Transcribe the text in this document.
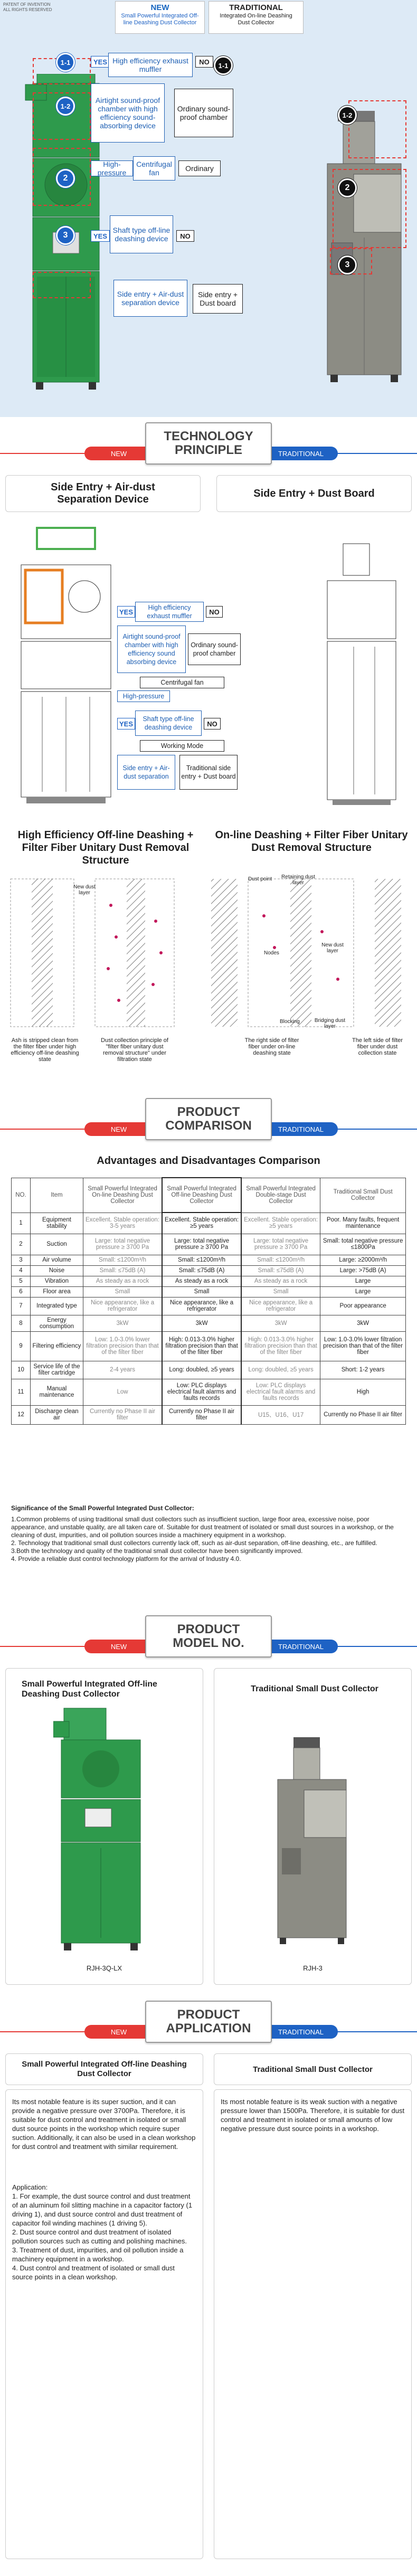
PATENT OF INVENTION
ALL RIGHTS RESERVED	NEW
Small Powerful Integrated Off-line Deashing Dust Collector
TRADITIONAL
Integrated On-line Deashing Dust Collector
1-1	YES High efficiency exhaust muffler
NO	1-1
1-2
Airtight sound-proof chamber with high efficiency sound-absorbing device
Ordinary sound-proof chamber	1-2
2
High-pressure
Centrifugal fan	Ordinary
2
3	YES
Shaft type off-line deashing device	NO
3
Side entry + Air-dust separation device
Side entry + Dust board
NEW	TRADITIONAL
TECHNOLOGY
PRINCIPLE
Side Entry + Air-dust Separation Device
Side Entry + Dust Board
YES
High efficiency exhaust muffler
NO
Airtight sound-proof chamber with high efficiency sound absorbing device
Ordinary sound-proof chamber
Centrifugal fan
High-pressure
YES
Shaft type off-line deashing device	NO
Working Mode
Side entry + Air-dust separation
Traditional side entry + Dust board
High Efficiency Off-line Deashing + Filter Fiber Unitary Dust Removal Structure
On-line Deashing + Filter Fiber Unitary Dust Removal Structure
New dust layer
Ash is stripped clean from the filter fiber under high efficiency off-line deashing state
Dust collection principle of "filter fiber unitary dust removal structure" under filtration state
Dust point	Retaining dust layer
Nodes
New dust layer
Blocking	Bridging dust layer
The right side of filter fiber under on-line deashing state
The left side of filter fiber under dust collection state
NEW	TRADITIONAL
PRODUCT
COMPARISON
Advantages and Disadvantages Comparison
NO.	Item	Small Powerful Integrated On-line Deashing Dust Collector	Small Powerful Integrated Off-line Deashing Dust Collector	Small Powerful Integrated Double-stage Dust Collector	Traditional Small Dust Collector
1	Equipment stability	Excellent. Stable operation: 3-5 years	Excellent. Stable operation: ≥5 years	Excellent. Stable operation: ≥5 years	Poor. Many faults, frequent maintenance
2	Suction	Large: total negative pressure ≥ 3700 Pa	Large: total negative pressure ≥ 3700 Pa	Large: total negative pressure ≥ 3700 Pa	Small: total negative pressure ≤1800Pa
3	Air volume	Small: ≤1200m³/h	Small: ≤1200m³/h	Small: ≤1200m³/h	Large: ≥2000m³/h
4	Noise	Small: ≤75dB (A)	Small: ≤75dB (A)	Small: ≤75dB (A)	Large: >75dB (A)
5	Vibration	As steady as a rock	As steady as a rock	As steady as a rock	Large
6	Floor area	Small	Small	Small	Large
7	Integrated type	Nice appearance, like a refrigerator	Nice appearance, like a refrigerator	Nice appearance, like a refrigerator	Poor appearance
8	Energy consumption	3kW	3kW	3kW	3kW
9	Filtering efficiency	Low: 1.0-3.0% lower filtration precision than that of the filter fiber	High: 0.013-3.0% higher filtration precision than that of the filter fiber	High: 0.013-3.0% higher filtration precision than that of the filter fiber	Low: 1.0-3.0% lower filtration precision than that of the filter fiber
10	Service life of the filter cartridge	2-4 years	Long: doubled, ≥5 years	Long: doubled, ≥5 years	Short: 1-2 years
11	Manual maintenance	Low	Low: PLC displays electrical fault alarms and faults records	Low: PLC displays electrical fault alarms and faults records	High
12	Discharge clean air	Currently no Phase II air filter	Currently no Phase II air filter	U15、U16、U17	Currently no Phase II air filter
Significance of the Small Powerful Integrated Dust Collector:
1.Common problems of using traditional small dust collectors such as insufficient suction, large floor area, excessive noise, poor appearance, and unstable quality, are all taken care of. Suitable for dust treatment of isolated or small dust sources in a workshop, or the cleaning of dust, impurities, and oil pollution sources inside a machinery equipment in a workshop.
2. Technology that traditional small dust collectors currently lack off, such as air-dust separation, off-line deashing, etc., are fulfilled.
3.Both the technology and quality of the traditional small dust collector have been significantly improved.
4. Provide a reliable dust control technology platform for the arrival of Industry 4.0.
NEW	TRADITIONAL
PRODUCT
MODEL NO.
Small Powerful Integrated Off-line Deashing Dust Collector
RJH-3Q-LX
Traditional Small Dust Collector
RJH-3
NEW	TRADITIONAL
PRODUCT
APPLICATION
Small Powerful Integrated Off-line Deashing Dust Collector	Traditional Small Dust Collector
Its most notable feature is its super suction, and it can provide a negative pressure over 3700Pa. Therefore, it is suitable for dust control and treatment in isolated or small dust source points in the workshop which require super suction. Additionally, it can also be used in a clean workshop for dust control and treatment with similar requirement.
Application:
1. For example, the dust source control and dust treatment of an aluminum foil slitting machine in a capacitor factory (1 driving 1), and dust source control and dust treatment of capacitor foil winding machines (1 driving 5).
2. Dust source control and dust treatment of isolated pollution sources such as cutting and polishing machines.
3. Treatment of dust, impurities, and oil pollution inside a machinery equipment in a workshop.
4. Dust control and treatment of isolated or small dust source points in a clean workshop.
Its most notable feature is its weak suction with a negative pressure lower than 1500Pa. Therefore, it is suitable for dust control and treatment in isolated or small amounts of low negative pressure dust source points in a workshop.
